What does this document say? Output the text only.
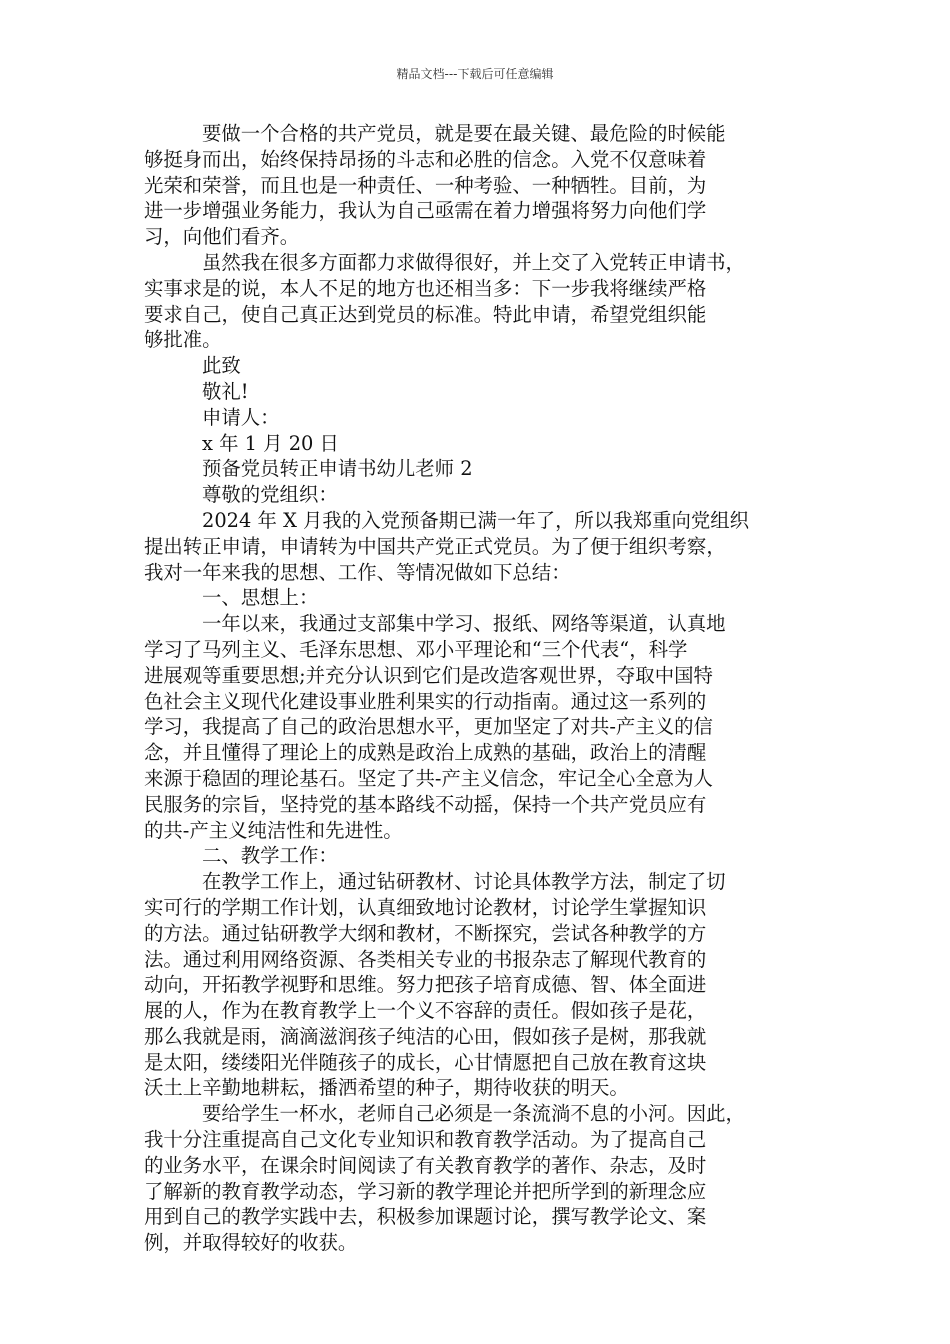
精品文档---下载后可任意编辑
要做一个合格的共产党员，就是要在最关键、最危险的时候能
够挺身而出，始终保持昂扬的斗志和必胜的信念。入党不仅意味着
光荣和荣誉，而且也是一种责任、一种考验、一种牺牲。目前，为
进一步增强业务能力，我认为自己亟需在着力增强将努力向他们学
习，向他们看齐。
虽然我在很多方面都力求做得很好，并上交了入党转正申请书，
实事求是的说，本人不足的地方也还相当多：下一步我将继续严格
要求自己，使自己真正达到党员的标准。特此申请，希望党组织能
够批准。
此致
敬礼!
申请人：
x 年 1 月 20 日
预备党员转正申请书幼儿老师 2
尊敬的党组织：
2024 年 X 月我的入党预备期已满一年了，所以我郑重向党组织
提出转正申请，申请转为中国共产党正式党员。为了便于组织考察，
我对一年来我的思想、工作、等情况做如下总结：
一、思想上：
一年以来，我通过支部集中学习、报纸、网络等渠道，认真地
学习了马列主义、毛泽东思想、邓小平理论和“三个代表“，科学
进展观等重要思想;并充分认识到它们是改造客观世界，夺取中国特
色社会主义现代化建设事业胜利果实的行动指南。通过这一系列的
学习，我提高了自己的政治思想水平，更加坚定了对共-产主义的信
念，并且懂得了理论上的成熟是政治上成熟的基础，政治上的清醒
来源于稳固的理论基石。坚定了共-产主义信念，牢记全心全意为人
民服务的宗旨，坚持党的基本路线不动摇，保持一个共产党员应有
的共-产主义纯洁性和先进性。
二、教学工作：
在教学工作上，通过钻研教材、讨论具体教学方法，制定了切
实可行的学期工作计划，认真细致地讨论教材，讨论学生掌握知识
的方法。通过钻研教学大纲和教材，不断探究，尝试各种教学的方
法。通过利用网络资源、各类相关专业的书报杂志了解现代教育的
动向，开拓教学视野和思维。努力把孩子培育成德、智、体全面进
展的人，作为在教育教学上一个义不容辞的责任。假如孩子是花，
那么我就是雨，滴滴滋润孩子纯洁的心田，假如孩子是树，那我就
是太阳，缕缕阳光伴随孩子的成长，心甘情愿把自己放在教育这块
沃土上辛勤地耕耘，播洒希望的种子，期待收获的明天。
要给学生一杯水，老师自己必须是一条流淌不息的小河。因此，
我十分注重提高自己文化专业知识和教育教学活动。为了提高自己
的业务水平，在课余时间阅读了有关教育教学的著作、杂志，及时
了解新的教育教学动态，学习新的教学理论并把所学到的新理念应
用到自己的教学实践中去，积极参加课题讨论，撰写教学论文、案
例，并取得较好的收获。
